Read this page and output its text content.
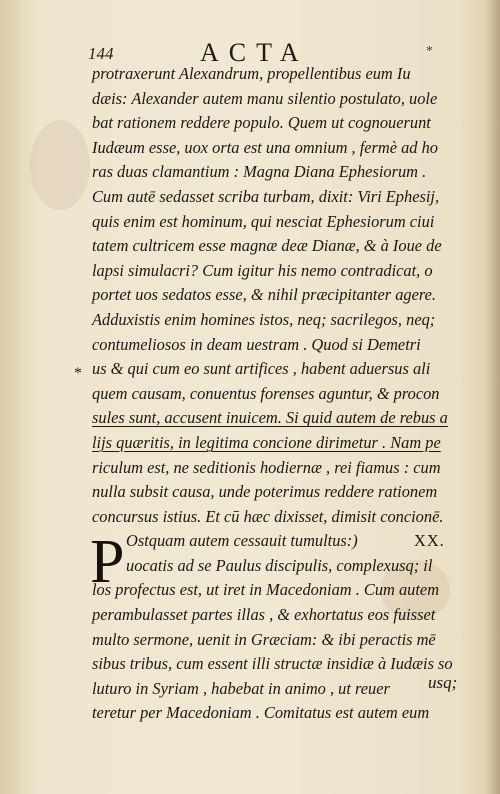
144	ACTA	*
protraxerunt Alexandrum, propellentibus eum Iu
dæis: Alexander autem manu silentio postulato, uole
bat rationem reddere populo. Quem ut cognouerunt
Iudæum esse, uox orta est una omnium , fermè ad ho
ras duas clamantium : Magna Diana Ephesiorum .
Cum autē sedasset scriba turbam, dixit: Viri Ephesij,
quis enim est hominum, qui nesciat Ephesiorum ciui
tatem cultricem esse magnæ deæ Dianæ, & à Ioue de
lapsi simulacri? Cum igitur his nemo contradicat, o
portet uos sedatos esse, & nihil præcipitanter agere.
Adduxistis enim homines istos, neq; sacrilegos, neq;
contumeliosos in deam uestram . Quod si Demetri
us & qui cum eo sunt artifices , habent aduersus ali
quem causam, conuentus forenses aguntur, & procon
sules sunt, accusent inuicem. Si quid autem de rebus a
lijs quæritis, in legitima concione dirimetur . Nam pe
riculum est, ne seditionis hodiernæ , rei fiamus : cum
nulla subsit causa, unde poterimus reddere rationem
concursus istius. Et cū hæc dixisset, dimisit concionē.
P Ostquam autem cessauit tumultus:)	XX.
uocatis ad se Paulus discipulis, complexusq; il
los profectus est, ut iret in Macedoniam . Cum autem
perambulasset partes illas , & exhortatus eos fuisset
multo sermone, uenit in Græciam: & ibi peractis mē
sibus tribus, cum essent illi structæ insidiæ à Iudæis so
luturo in Syriam , habebat in animo , ut reuer
teretur per Macedoniam . Comitatus est autem eum
*
usq;
